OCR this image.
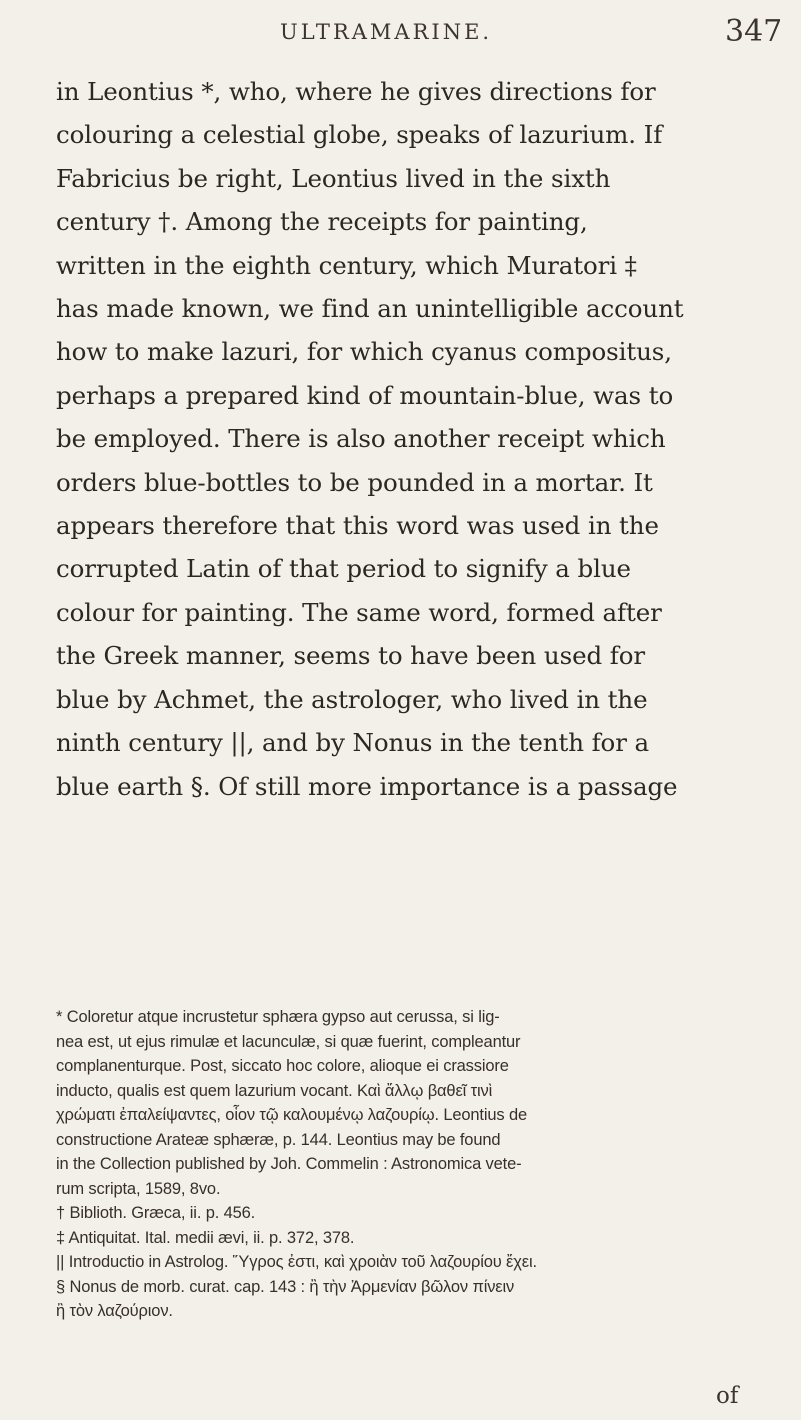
ULTRAMARINE.	347
in Leontius *, who, where he gives directions for
colouring a celestial globe, speaks of lazurium. If
Fabricius be right, Leontius lived in the sixth
century †. Among the receipts for painting,
written in the eighth century, which Muratori ‡
has made known, we find an unintelligible account
how to make lazuri, for which cyanus compositus,
perhaps a prepared kind of mountain-blue, was to
be employed. There is also another receipt which
orders blue-bottles to be pounded in a mortar. It
appears therefore that this word was used in the
corrupted Latin of that period to signify a blue
colour for painting. The same word, formed after
the Greek manner, seems to have been used for
blue by Achmet, the astrologer, who lived in the
ninth century ||, and by Nonus in the tenth for a
blue earth §. Of still more importance is a passage
* Coloretur atque incrustetur sphæra gypso aut cerussa, si lig-
nea est, ut ejus rimulæ et lacunculæ, si quæ fuerint, compleantur
complanenturque. Post, siccato hoc colore, alioque ei crassiore
inducto, qualis est quem lazurium vocant. Καὶ ἄλλῳ βαθεῖ τινὶ
χρώματι ἐπαλείψαντες, οἷον τῷ καλουμένῳ λαζουρίῳ. Leontius de
constructione Arateæ sphæræ, p. 144. Leontius may be found
in the Collection published by Joh. Commelin : Astronomica vete-
rum scripta, 1589, 8vo.
† Biblioth. Græca, ii. p. 456.
‡ Antiquitat. Ital. medii ævi, ii. p. 372, 378.
|| Introductio in Astrolog. Ὕγρος ἐστι, καὶ χροιὰν τοῦ λαζουρίου ἔχει.
§ Nonus de morb. curat. cap. 143 : ἢ τὴν Ἀρμενίαν βῶλον πίνειν
ἢ τὸν λαζούριον.
of
